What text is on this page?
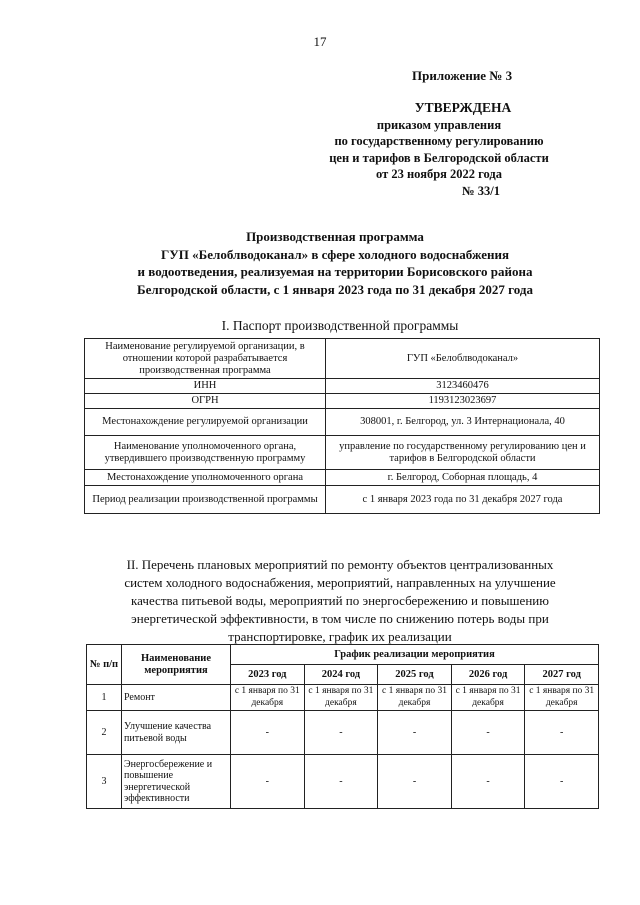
17
Приложение № 3
УТВЕРЖДЕНА
приказом управления
по государственному регулированию
цен и тарифов в Белгородской области
от 23 ноября 2022 года
№ 33/1
Производственная программа
ГУП «Белоблводоканал» в сфере холодного водоснабжения
и водоотведения, реализуемая на территории Борисовского района
Белгородской области, с 1 января 2023 года по 31 декабря 2027 года
I. Паспорт производственной программы
Наименование регулируемой организации, в отношении которой разрабатывается производственная программа	ГУП «Белоблводоканал»
ИНН	3123460476
ОГРН	1193123023697
Местонахождение регулируемой организации	308001, г. Белгород, ул. 3 Интернационала, 40
Наименование уполномоченного органа, утвердившего производственную программу	управление по государственному регулированию цен и тарифов в Белгородской области
Местонахождение уполномоченного органа	г. Белгород, Соборная площадь, 4
Период реализации производственной программы	с 1 января 2023 года по 31 декабря 2027 года
II. Перечень плановых мероприятий по ремонту объектов централизованных
систем холодного водоснабжения, мероприятий, направленных на улучшение
качества питьевой воды, мероприятий по энергосбережению и повышению
энергетической эффективности, в том числе по снижению потерь воды при
транспортировке, график их реализации
№ п/п	Наименование мероприятия	График реализации мероприятия				
		2023 год	2024 год	2025 год	2026 год	2027 год
1	Ремонт	с 1 января по 31 декабря	с 1 января по 31 декабря	с 1 января по 31 декабря	с 1 января по 31 декабря	с 1 января по 31 декабря
2	Улучшение качества питьевой воды	-	-	-	-	-
3	Энергосбережение и повышение энергетической эффективности	-	-	-	-	-
